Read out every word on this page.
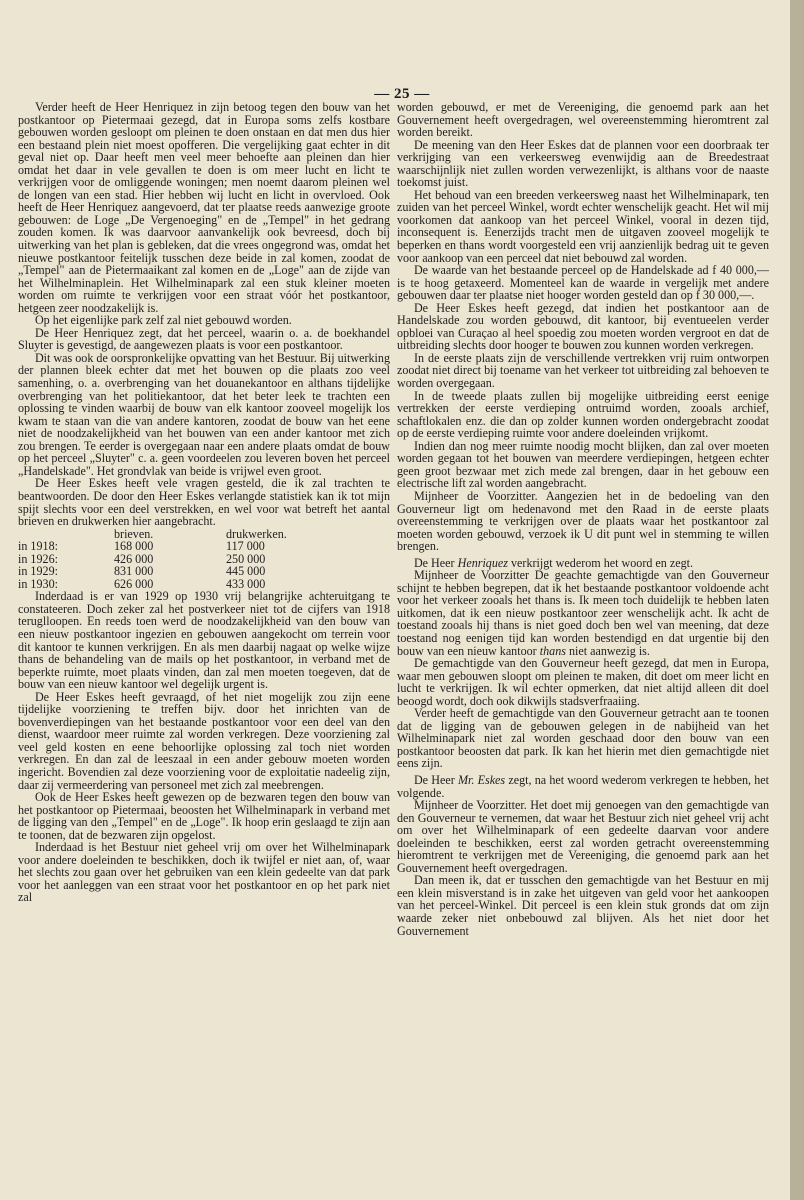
— 25 —

Verder heeft de Heer Henriquez in zijn betoog tegen den bouw van het postkantoor op Pietermaai gezegd, dat in Europa soms zelfs kostbare gebouwen worden gesloopt om pleinen te doen onstaan en dat men dus hier een bestaand plein niet moest opofferen. Die vergelijking gaat echter in dit geval niet op. Daar heeft men veel meer behoefte aan pleinen dan hier omdat het daar in vele gevallen te doen is om meer lucht en licht te verkrijgen voor de omliggende woningen; men noemt daarom pleinen wel de longen van een stad. Hier hebben wij lucht en licht in overvloed. Ook heeft de Heer Henriquez aangevoerd, dat ter plaatse reeds aanwezige groote gebouwen: de Loge „De Vergenoeging" en de „Tempel" in het gedrang zouden komen. Ik was daarvoor aanvankelijk ook bevreesd, doch bij uitwerking van het plan is gebleken, dat die vrees ongegrond was, omdat het nieuwe postkantoor feitelijk tusschen deze beide in zal komen, zoodat de „Tempel" aan de Pietermaaikant zal komen en de „Loge" aan de zijde van het Wilhelminaplein. Het Wilhelminapark zal een stuk kleiner moeten worden om ruimte te verkrijgen voor een straat vóór het postkantoor, hetgeen zeer noodzakelijk is.

Op het eigenlijke park zelf zal niet gebouwd worden.

De Heer Henriquez zegt, dat het perceel, waarin o. a. de boekhandel Sluyter is gevestigd, de aangewezen plaats is voor een postkantoor.

Dit was ook de oorspronkelijke opvatting van het Bestuur. Bij uitwerking der plannen bleek echter dat met het bouwen op die plaats zoo veel samenhing, o. a. overbrenging van het douanekantoor en althans tijdelijke overbrenging van het politiekantoor, dat het beter leek te trachten een oplossing te vinden waarbij de bouw van elk kantoor zooveel mogelijk los kwam te staan van die van andere kantoren, zoodat de bouw van het eene niet de noodzakelijkheid van het bouwen van een ander kantoor met zich zou brengen. Te eerder is overgegaan naar een andere plaats omdat de bouw op het perceel „Sluyter" c. a. geen voordeelen zou leveren boven het perceel „Handelskade". Het grondvlak van beide is vrijwel even groot.

De Heer Eskes heeft vele vragen gesteld, die ik zal trachten te beantwoorden. De door den Heer Eskes verlangde statistiek kan ik tot mijn spijt slechts voor een deel verstrekken, en wel voor wat betreft het aantal brieven en drukwerken hier aangebracht.

	brieven.	drukwerken.
in 1918:	168 000	117 000
in 1926:	426 000	250 000
in 1929:	831 000	445 000
in 1930:	626 000	433 000

Inderdaad is er van 1929 op 1930 vrij belangrijke achteruitgang te constateeren. Doch zeker zal het postverkeer niet tot de cijfers van 1918 teruglloopen. En reeds toen werd de noodzakelijkheid van den bouw van een nieuw postkantoor ingezien en gebouwen aangekocht om terrein voor dit kantoor te kunnen verkrijgen. En als men daarbij nagaat op welke wijze thans de behandeling van de mails op het postkantoor, in verband met de beperkte ruimte, moet plaats vinden, dan zal men moeten toegeven, dat de bouw van een nieuw kantoor wel degelijk urgent is.

De Heer Eskes heeft gevraagd, of het niet mogelijk zou zijn eene tijdelijke voorziening te treffen bijv. door het inrichten van de bovenverdiepingen van het bestaande postkantoor voor een deel van den dienst, waardoor meer ruimte zal worden verkregen. Deze voorziening zal veel geld kosten en eene behoorlijke oplossing zal toch niet worden verkregen. En dan zal de leeszaal in een ander gebouw moeten worden ingericht. Bovendien zal deze voorziening voor de exploitatie nadeelig zijn, daar zij vermeerdering van personeel met zich zal meebrengen.

Ook de Heer Eskes heeft gewezen op de bezwaren tegen den bouw van het postkantoor op Pietermaai, beoosten het Wilhelminapark in verband met de ligging van den „Tempel" en de „Loge". Ik hoop erin geslaagd te zijn aan te toonen, dat de bezwaren zijn opgelost.

Inderdaad is het Bestuur niet geheel vrij om over het Wilhelminapark voor andere doeleinden te beschikken, doch ik twijfel er niet aan, of, waar het slechts zou gaan over het gebruiken van een klein gedeelte van dat park voor het aanleggen van een straat voor het postkantoor en op het park niet zal

worden gebouwd, er met de Vereeniging, die genoemd park aan het Gouvernement heeft overgedragen, wel overeenstemming hieromtrent zal worden bereikt.

De meening van den Heer Eskes dat de plannen voor een doorbraak ter verkrijging van een verkeersweg evenwijdig aan de Breedestraat waarschijnlijk niet zullen worden verwezenlijkt, is althans voor de naaste toekomst juist.

Het behoud van een breeden verkeersweg naast het Wilhelminapark, ten zuiden van het perceel Winkel, wordt echter wenschelijk geacht. Het wil mij voorkomen dat aankoop van het perceel Winkel, vooral in dezen tijd, inconsequent is. Eenerzijds tracht men de uitgaven zooveel mogelijk te beperken en thans wordt voorgesteld een vrij aanzienlijk bedrag uit te geven voor aankoop van een perceel dat niet bebouwd zal worden.

De waarde van het bestaande perceel op de Handelskade ad f 40 000,— is te hoog getaxeerd. Momenteel kan de waarde in vergelijk met andere gebouwen daar ter plaatse niet hooger worden gesteld dan op f 30 000,—.

De Heer Eskes heeft gezegd, dat indien het postkantoor aan de Handelskade zou worden gebouwd, dit kantoor, bij eventueelen verder opbloei van Curaçao al heel spoedig zou moeten worden vergroot en dat de uitbreiding slechts door hooger te bouwen zou kunnen worden verkregen.

In de eerste plaats zijn de verschillende vertrekken vrij ruim ontworpen zoodat niet direct bij toename van het verkeer tot uitbreiding zal behoeven te worden overgegaan.

In de tweede plaats zullen bij mogelijke uitbreiding eerst eenige vertrekken der eerste verdieping ontruimd worden, zooals archief, schaftlokalen enz. die dan op zolder kunnen worden ondergebracht zoodat op de eerste verdieping ruimte voor andere doeleinden vrijkomt.

Indien dan nog meer ruimte noodig mocht blijken, dan zal over moeten worden gegaan tot het bouwen van meerdere verdiepingen, hetgeen echter geen groot bezwaar met zich mede zal brengen, daar in het gebouw een electrische lift zal worden aangebracht.

Mijnheer de Voorzitter. Aangezien het in de bedoeling van den Gouverneur ligt om hedenavond met den Raad in de eerste plaats overeenstemming te verkrijgen over de plaats waar het postkantoor zal moeten worden gebouwd, verzoek ik U dit punt wel in stemming te willen brengen.

De Heer Henriquez verkrijgt wederom het woord en zegt.

Mijnheer de Voorzitter De geachte gemachtigde van den Gouverneur schijnt te hebben begrepen, dat ik het bestaande postkantoor voldoende acht voor het verkeer zooals het thans is. Ik meen toch duidelijk te hebben laten uitkomen, dat ik een nieuw postkantoor zeer wenschelijk acht. Ik acht de toestand zooals hij thans is niet goed doch ben wel van meening, dat deze toestand nog eenigen tijd kan worden bestendigd en dat urgentie bij den bouw van een nieuw kantoor thans niet aanwezig is.

De gemachtigde van den Gouverneur heeft gezegd, dat men in Europa, waar men gebouwen sloopt om pleinen te maken, dit doet om meer licht en lucht te verkrijgen. Ik wil echter opmerken, dat niet altijd alleen dit doel beoogd wordt, doch ook dikwijls stadsverfraaiing.

Verder heeft de gemachtigde van den Gouverneur getracht aan te toonen dat de ligging van de gebouwen gelegen in de nabijheid van het Wilhelminapark niet zal worden geschaad door den bouw van een postkantoor beoosten dat park. Ik kan het hierin met dien gemachtigde niet eens zijn.

De Heer Mr. Eskes zegt, na het woord wederom verkregen te hebben, het volgende.

Mijnheer de Voorzitter. Het doet mij genoegen van den gemachtigde van den Gouverneur te vernemen, dat waar het Bestuur zich niet geheel vrij acht om over het Wilhelminapark of een gedeelte daarvan voor andere doeleinden te beschikken, eerst zal worden getracht overeenstemming hieromtrent te verkrijgen met de Vereeniging, die genoemd park aan het Gouvernement heeft overgedragen.

Dan meen ik, dat er tusschen den gemachtigde van het Bestuur en mij een klein misverstand is in zake het uitgeven van geld voor het aankoopen van het perceel-Winkel. Dit perceel is een klein stuk gronds dat om zijn waarde zeker niet onbebouwd zal blijven. Als het niet door het Gouvernement
